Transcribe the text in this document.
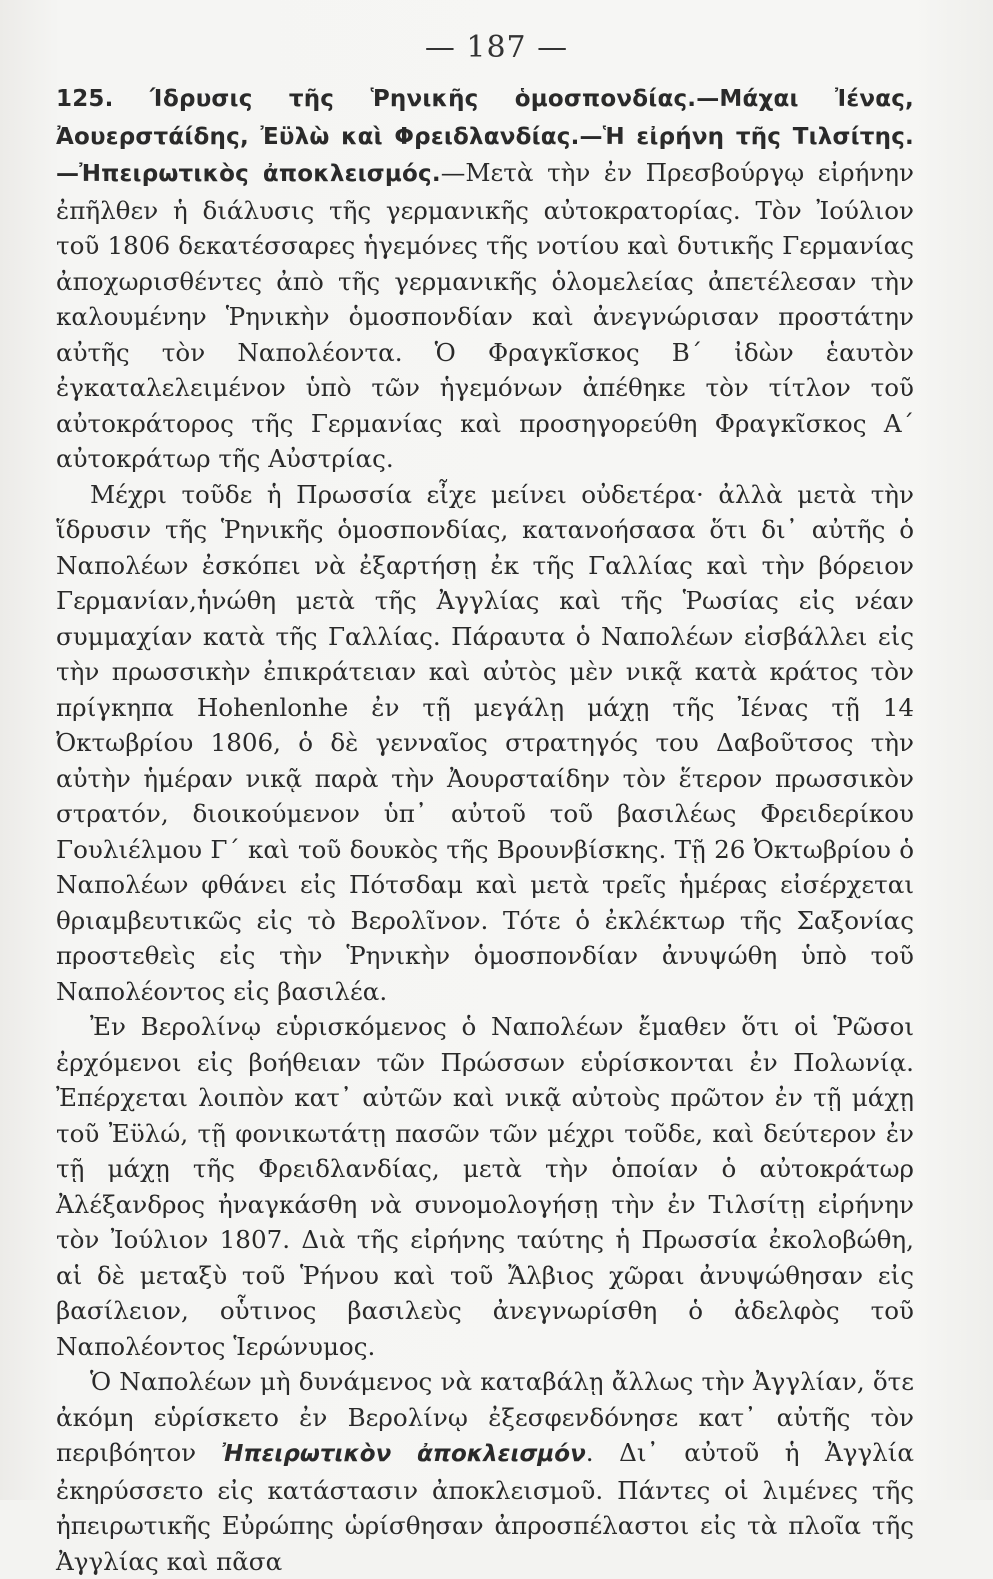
— 187 —

125. Ίδρυσις τῆς Ῥηνικῆς ὁμοσπονδίας.—Μάχαι Ἰένας, Ἀουερστάίδης, Ἐϋλὼ καὶ Φρειδλανδίας.—Ἡ εἰρήνη τῆς Τιλσίτης.—Ἠπειρωτικὸς ἀποκλεισμός.—Μετὰ τὴν ἐν Πρεσβούργῳ εἰρήνην ἐπῆλθεν ἡ διάλυσις τῆς γερμανικῆς αὐτοκρατορίας. Τὸν Ἰούλιον τοῦ 1806 δεκατέσσαρες ἡγεμόνες τῆς νοτίου καὶ δυτικῆς Γερμανίας ἀποχωρισθέντες ἀπὸ τῆς γερμανικῆς ὁλομελείας ἀπετέλεσαν τὴν καλουμένην Ῥηνικὴν ὁμοσπονδίαν καὶ ἀνεγνώρισαν προστάτην αὐτῆς τὸν Ναπολέοντα. Ὁ Φραγκῖσκος Β΄ ἰδὼν ἑαυτὸν ἐγκαταλελειμένον ὑπὸ τῶν ἡγεμόνων ἀπέθηκε τὸν τίτλον τοῦ αὐτοκράτορος τῆς Γερμανίας καὶ προσηγορεύθη Φραγκῖσκος Α΄ αὐτοκράτωρ τῆς Αὐστρίας.

Μέχρι τοῦδε ἡ Πρωσσία εἶχε μείνει οὐδετέρα· ἀλλὰ μετὰ τὴν ἵδρυσιν τῆς Ῥηνικῆς ὁμοσπονδίας, κατανοήσασα ὅτι δι᾽ αὐτῆς ὁ Ναπολέων ἐσκόπει νὰ ἐξαρτήσῃ ἐκ τῆς Γαλλίας καὶ τὴν βόρειον Γερμανίαν,ἡνώθη μετὰ τῆς Ἀγγλίας καὶ τῆς Ῥωσίας εἰς νέαν συμμαχίαν κατὰ τῆς Γαλλίας. Πάραυτα ὁ Ναπολέων εἰσβάλλει εἰς τὴν πρωσσικὴν ἐπικράτειαν καὶ αὐτὸς μὲν νικᾷ κατὰ κράτος τὸν πρίγκηπα Hohenlonhe ἐν τῇ μεγάλῃ μάχῃ τῆς Ἰένας τῇ 14 Ὀκτωβρίου 1806, ὁ δὲ γενναῖος στρατηγός του Δαβοῦτσος τὴν αὐτὴν ἡμέραν νικᾷ παρὰ τὴν Ἀουρσταίδην τὸν ἕτερον πρωσσικὸν στρατόν, διοικούμενον ὑπ᾽ αὐτοῦ τοῦ βασιλέως Φρειδερίκου Γουλιέλμου Γ΄ καὶ τοῦ δουκὸς τῆς Βρουνβίσκης. Τῇ 26 Ὀκτωβρίου ὁ Ναπολέων φθάνει εἰς Πότσδαμ καὶ μετὰ τρεῖς ἡμέρας εἰσέρχεται θριαμβευτικῶς εἰς τὸ Βερολῖνον. Τότε ὁ ἐκλέκτωρ τῆς Σαξονίας προστεθεὶς εἰς τὴν Ῥηνικὴν ὁμοσπονδίαν ἀνυψώθη ὑπὸ τοῦ Ναπολέοντος εἰς βασιλέα.

Ἐν Βερολίνῳ εὑρισκόμενος ὁ Ναπολέων ἔμαθεν ὅτι οἱ Ῥῶσοι ἐρχόμενοι εἰς βοήθειαν τῶν Πρώσσων εὑρίσκονται ἐν Πολωνίᾳ. Ἐπέρχεται λοιπὸν κατ᾽ αὐτῶν καὶ νικᾷ αὐτοὺς πρῶτον ἐν τῇ μάχῃ τοῦ Ἐϋλώ, τῇ φονικωτάτῃ πασῶν τῶν μέχρι τοῦδε, καὶ δεύτερον ἐν τῇ μάχῃ τῆς Φρειδλανδίας, μετὰ τὴν ὁποίαν ὁ αὐτοκράτωρ Ἀλέξανδρος ἠναγκάσθη νὰ συνομολογήσῃ τὴν ἐν Τιλσίτῃ εἰρήνην τὸν Ἰούλιον 1807. Διὰ τῆς εἰρήνης ταύτης ἡ Πρωσσία ἐκολοβώθη, αἱ δὲ μεταξὺ τοῦ Ῥήνου καὶ τοῦ Ἄλβιος χῶραι ἀνυψώθησαν εἰς βασίλειον, οὗτινος βασιλεὺς ἀνεγνωρίσθη ὁ ἀδελφὸς τοῦ Ναπολέοντος Ἱερώνυμος.

Ὁ Ναπολέων μὴ δυνάμενος νὰ καταβάλῃ ἄλλως τὴν Ἀγγλίαν, ὅτε ἀκόμη εὑρίσκετο ἐν Βερολίνῳ ἐξεσφενδόνησε κατ᾽ αὐτῆς τὸν περιβόητον Ἠπειρωτικὸν ἀποκλεισμόν. Δι᾽ αὐτοῦ ἡ Ἀγγλία ἐκηρύσσετο εἰς κατάστασιν ἀποκλεισμοῦ. Πάντες οἱ λιμένες τῆς ἠπειρωτικῆς Εὐρώπης ὡρίσθησαν ἀπροσπέλαστοι εἰς τὰ πλοῖα τῆς Ἀγγλίας καὶ πᾶσα
